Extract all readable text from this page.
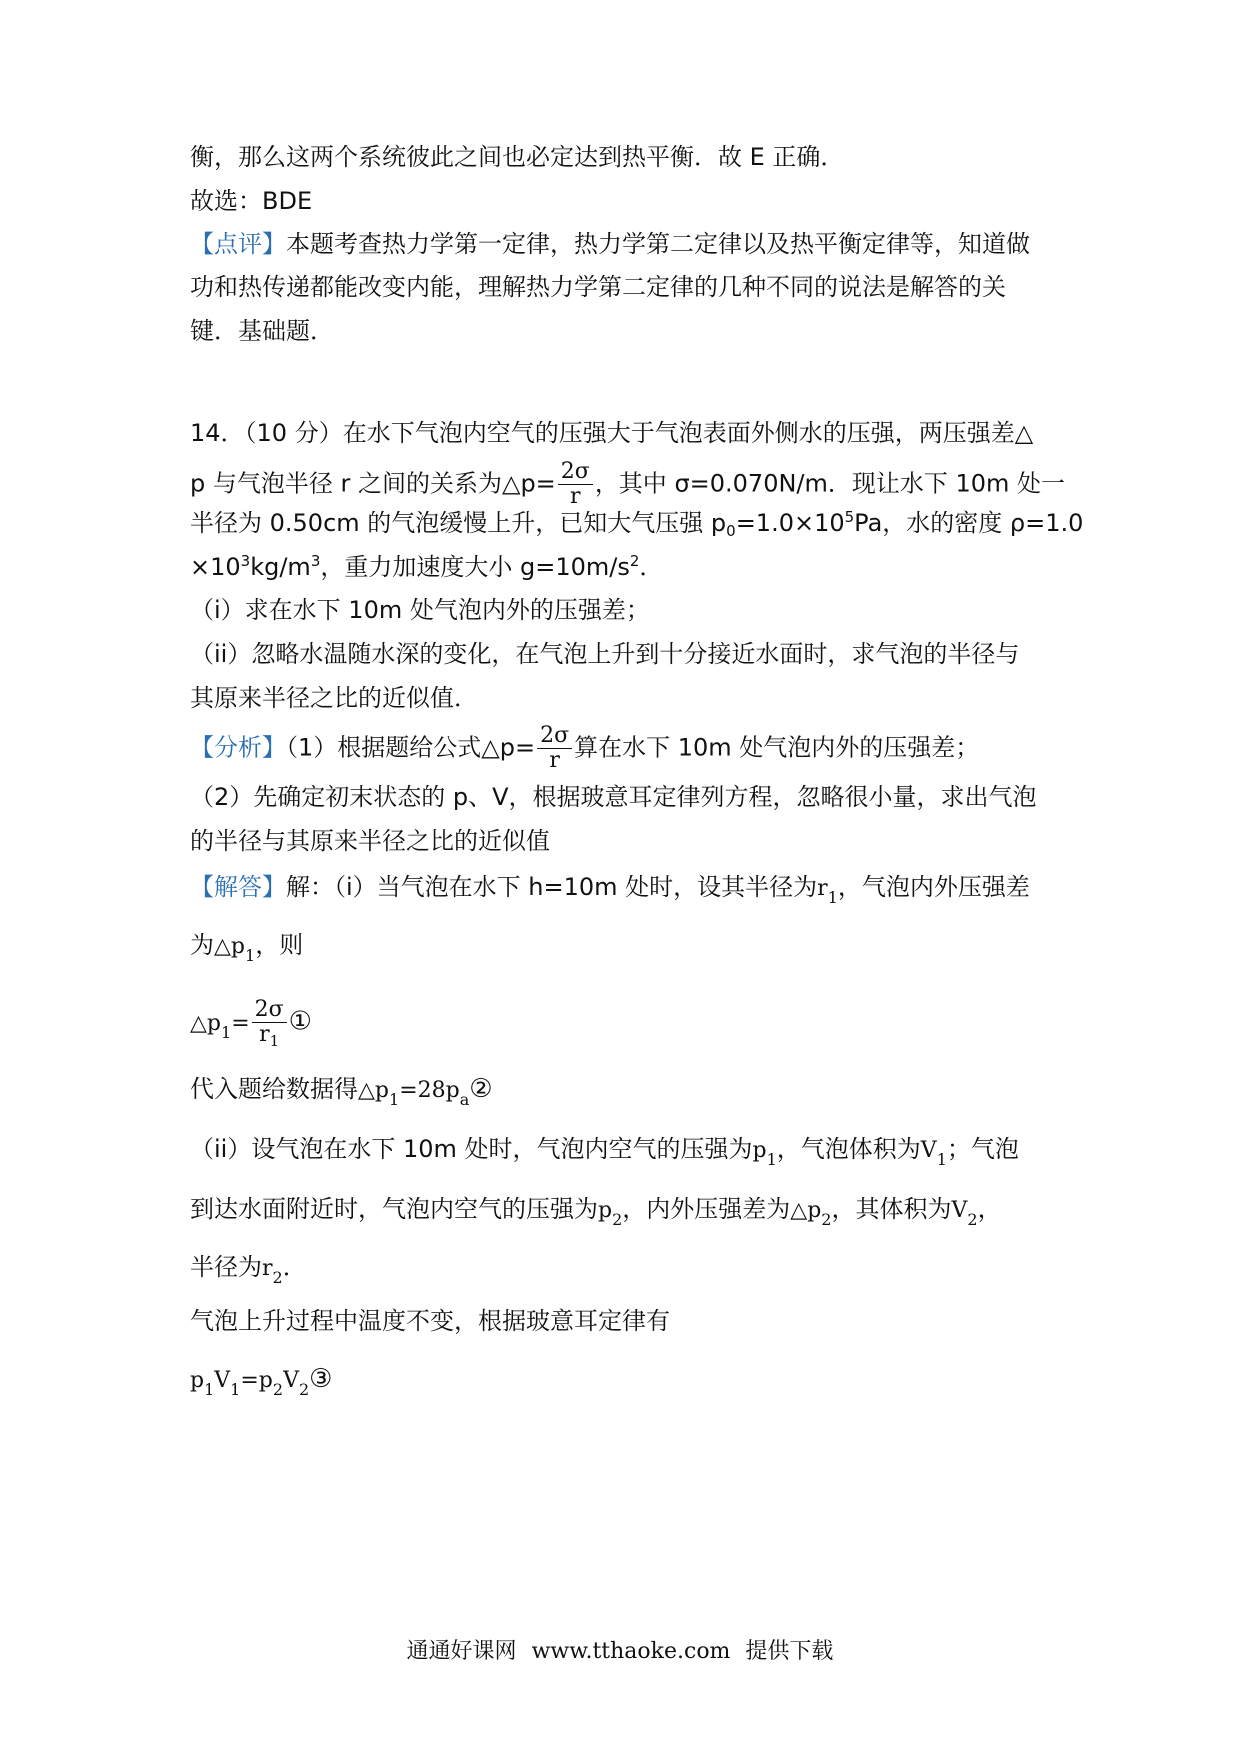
衡，那么这两个系统彼此之间也必定达到热平衡．故 E 正确．
故选：BDE
【点评】本题考查热力学第一定律，热力学第二定律以及热平衡定律等，知道做
功和热传递都能改变内能，理解热力学第二定律的几种不同的说法是解答的关
键．基础题．
14．（10 分）在水下气泡内空气的压强大于气泡表面外侧水的压强，两压强差△
p 与气泡半径 r 之间的关系为△p= $\frac{2\sigma}{r}$ ，其中 σ=0.070N/m．现让水下 10m 处一
半径为 0.50cm 的气泡缓慢上升，已知大气压强 $p_0=1.0\times 10^5Pa$，水的密度 ρ=1.0
$\times 10^3kg/m^3$，重力加速度大小 $g=10m/s^2$．
（i）求在水下 10m 处气泡内外的压强差；
（ii）忽略水温随水深的变化，在气泡上升到十分接近水面时，求气泡的半径与
其原来半径之比的近似值．
【分析】（1）根据题给公式△p= $\frac{2\sigma}{r}$ 算在水下 10m 处气泡内外的压强差；
（2）先确定初末状态的 p、V，根据玻意耳定律列方程，忽略很小量，求出气泡
的半径与其原来半径之比的近似值
【解答】解：（i）当气泡在水下 h=10m 处时，设其半径为$r_1$，气泡内外压强差
为$\triangle p_1$，则
$\triangle p_1= \frac{2\sigma}{r_1}$ ①
代入题给数据得$\triangle p_1=28p_a②$
（ii）设气泡在水下 10m 处时，气泡内空气的压强为$p_1$，气泡体积为$V_1$；气泡
到达水面附近时，气泡内空气的压强为$p_2$，内外压强差为$\triangle p_2$，其体积为$V_2$，
半径为$r_2$．
气泡上升过程中温度不变，根据玻意耳定律有
$p_1V_1=p_2V_2③$
通通好课网 www.tthaoke.com 提供下载
